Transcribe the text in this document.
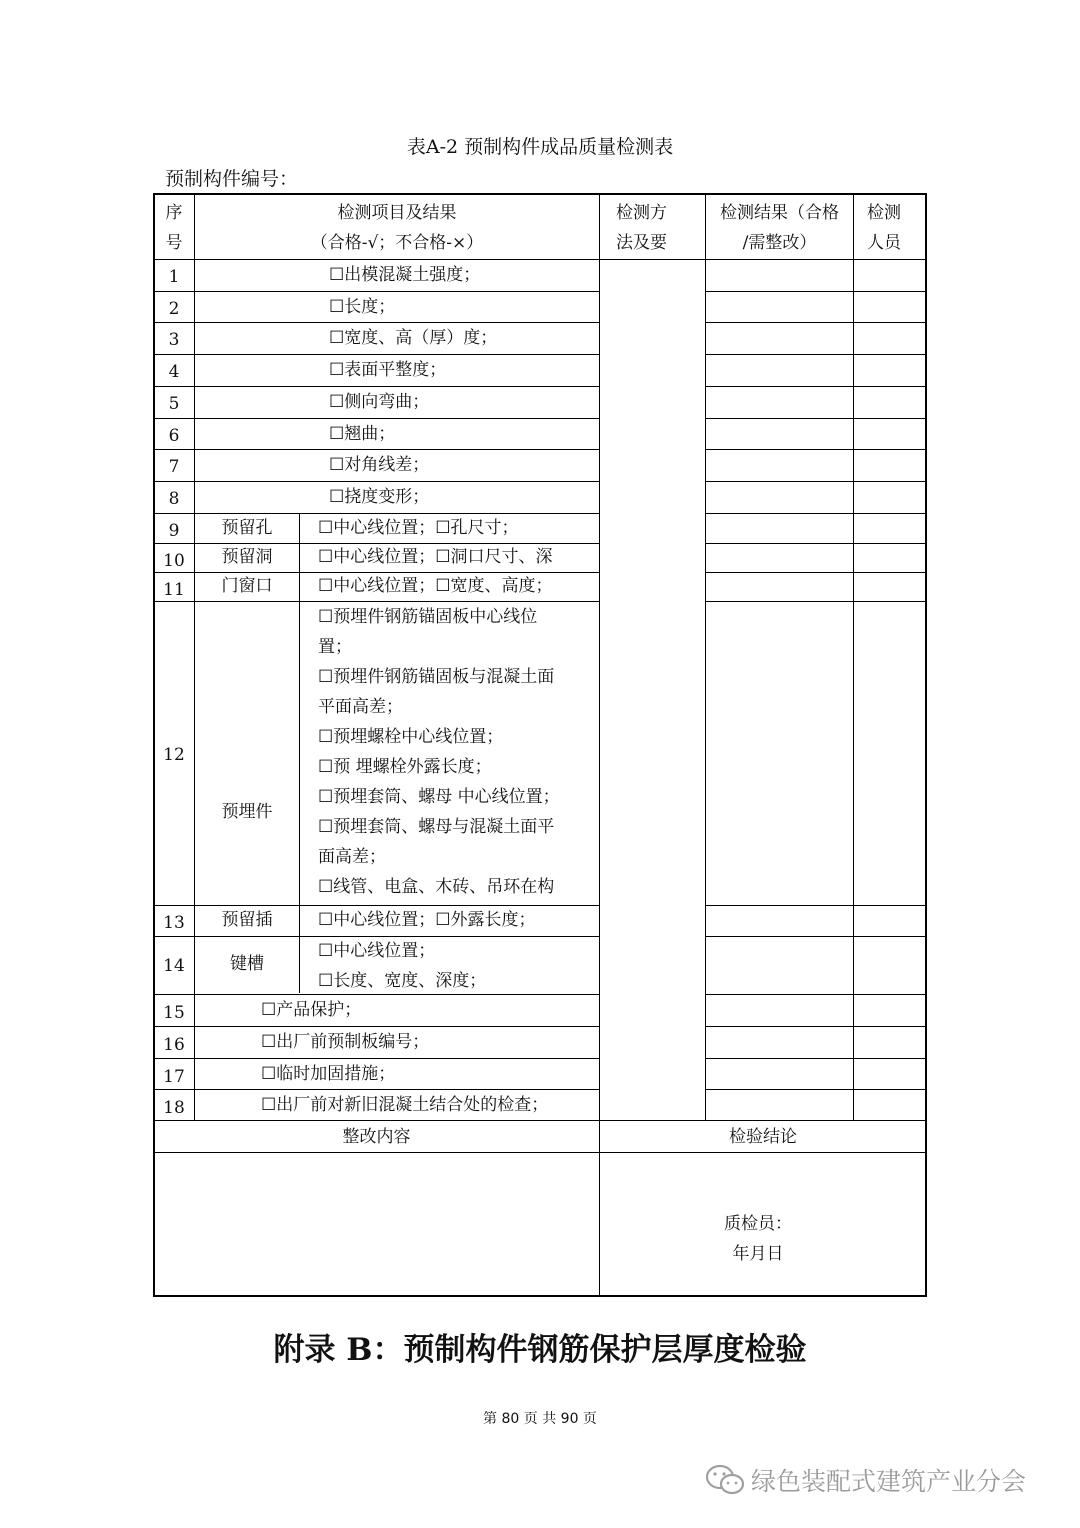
表A-2 预制构件成品质量检测表
预制构件编号：
序
号
检测项目及结果
（合格-√；不合格-×）
检测方
法及要
检测结果（合格
/需整改）
检测
人员
1
2
3
4
5
6
7
8
9
10
11
12
13
14
15
16
17
18
☐出模混凝土强度；
☐长度；
☐宽度、高（厚）度；
☐表面平整度；
☐侧向弯曲；
☐翘曲；
☐对角线差；
☐挠度变形；
预留孔
预留洞
门窗口
预埋件
预留插
键槽
☐中心线位置；☐孔尺寸；
☐中心线位置；☐洞口尺寸、深
☐中心线位置；☐宽度、高度；
☐中心线位置；☐外露长度；
☐预埋件钢筋锚固板中心线位
置；
☐预埋件钢筋锚固板与混凝土面
平面高差；
☐预埋螺栓中心线位置；
☐预 埋螺栓外露长度；
☐预埋套筒、螺母 中心线位置；
☐预埋套筒、螺母与混凝土面平
面高差；
☐线管、电盒、木砖、吊环在构
☐中心线位置；
☐长度、宽度、深度；
☐产品保护；
☐出厂前预制板编号；
☐临时加固措施；
☐出厂前对新旧混凝土结合处的检查；
整改内容	检验结论
质检员：
年月日
附录 B：预制构件钢筋保护层厚度检验
第 80 页 共 90 页
绿色装配式建筑产业分会
